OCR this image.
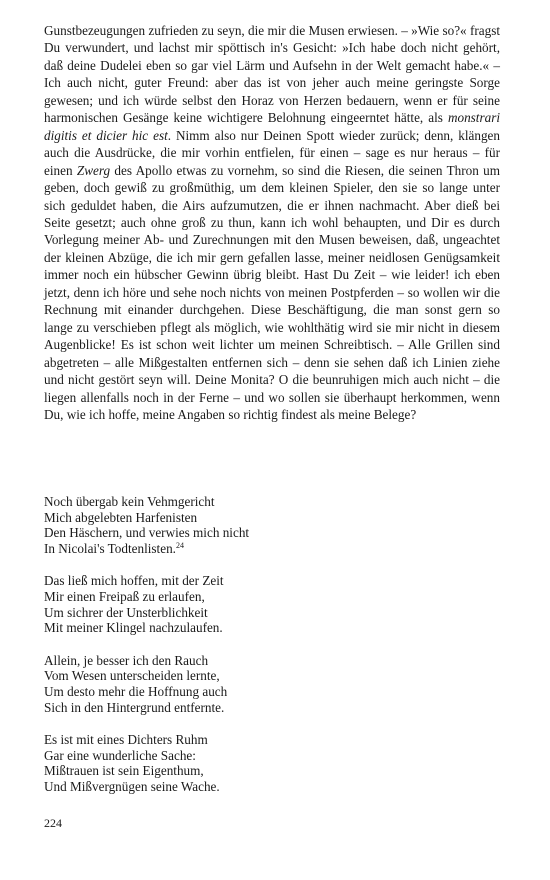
Gunstbezeugungen zufrieden zu seyn, die mir die Musen erwiesen. – »Wie so?« fragst Du verwundert, und lachst mir spöttisch in's Gesicht: »Ich habe doch nicht gehört, daß deine Dudelei eben so gar viel Lärm und Aufsehn in der Welt gemacht habe.« – Ich auch nicht, guter Freund: aber das ist von jeher auch meine geringste Sorge gewesen; und ich würde selbst den Horaz von Herzen bedauern, wenn er für seine harmonischen Gesänge keine wichtigere Belohnung eingeerntet hätte, als monstrari digitis et dicier hic est. Nimm also nur Deinen Spott wieder zurück; denn, klängen auch die Ausdrücke, die mir vorhin entfielen, für einen – sage es nur heraus – für einen Zwerg des Apollo etwas zu vornehm, so sind die Riesen, die seinen Thron um geben, doch gewiß zu großmüthig, um dem kleinen Spieler, den sie so lange unter sich geduldet haben, die Airs aufzumutzen, die er ihnen nachmacht. Aber dieß bei Seite gesetzt; auch ohne groß zu thun, kann ich wohl behaupten, und Dir es durch Vorlegung meiner Ab- und Zurechnungen mit den Musen beweisen, daß, ungeachtet der kleinen Abzüge, die ich mir gern gefallen lasse, meiner neidlosen Genügsamkeit immer noch ein hübscher Gewinn übrig bleibt. Hast Du Zeit – wie leider! ich eben jetzt, denn ich höre und sehe noch nichts von meinen Postpferden – so wollen wir die Rechnung mit einander durchgehen. Diese Beschäftigung, die man sonst gern so lange zu verschieben pflegt als möglich, wie wohlthätig wird sie mir nicht in diesem Augenblicke! Es ist schon weit lichter um meinen Schreibtisch. – Alle Grillen sind abgetreten – alle Mißgestalten entfernen sich – denn sie sehen daß ich Linien ziehe und nicht gestört seyn will. Deine Monita? O die beunruhigen mich auch nicht – die liegen allenfalls noch in der Ferne – und wo sollen sie überhaupt herkommen, wenn Du, wie ich hoffe, meine Angaben so richtig findest als meine Belege?

Noch übergab kein Vehmgericht
Mich abgelebten Harfenisten
Den Häschern, und verwies mich nicht
In Nicolai's Todtenlisten.$^{24}$
Das ließ mich hoffen, mit der Zeit
Mir einen Freipaß zu erlaufen,
Um sichrer der Unsterblichkeit
Mit meiner Klingel nachzulaufen.
Allein, je besser ich den Rauch
Vom Wesen unterscheiden lernte,
Um desto mehr die Hoffnung auch
Sich in den Hintergrund entfernte.
Es ist mit eines Dichters Ruhm
Gar eine wunderliche Sache:
Mißtrauen ist sein Eigenthum,
Und Mißvergnügen seine Wache.
224
